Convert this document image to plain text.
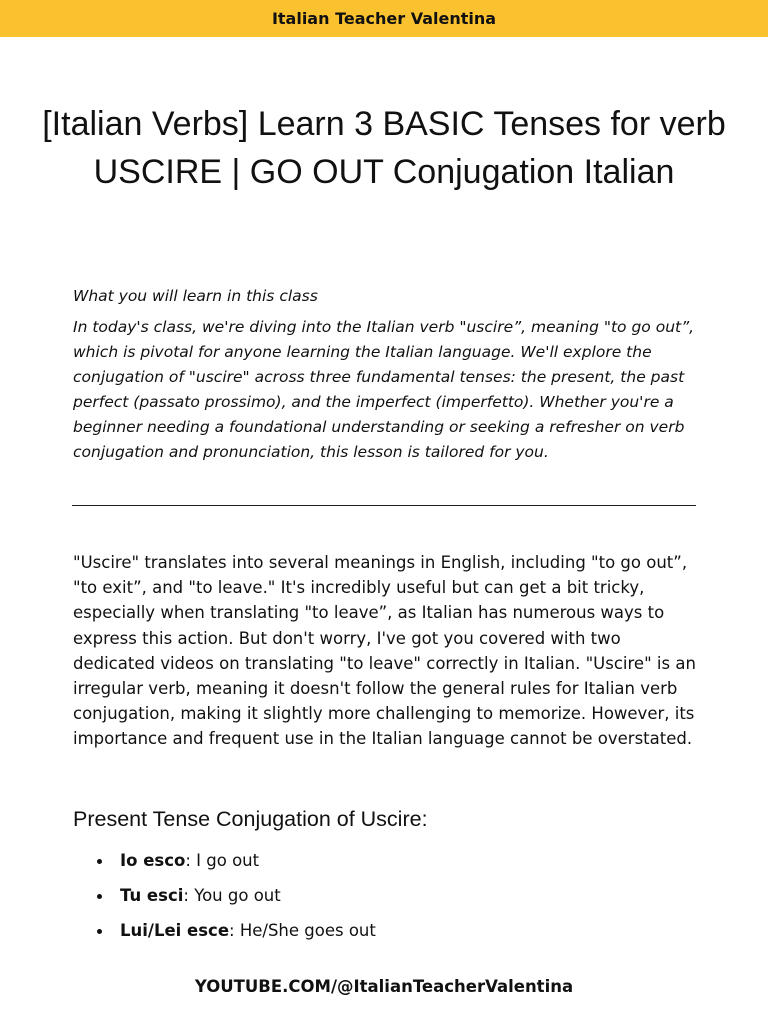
Italian Teacher Valentina
[Italian Verbs] Learn 3 BASIC Tenses for verb USCIRE | GO OUT Conjugation Italian

What you will learn in this class

In today's class, we're diving into the Italian verb "uscire”, meaning "to go out”, which is pivotal for anyone learning the Italian language. We'll explore the conjugation of "uscire" across three fundamental tenses: the present, the past perfect (passato prossimo), and the imperfect (imperfetto). Whether you're a beginner needing a foundational understanding or seeking a refresher on verb conjugation and pronunciation, this lesson is tailored for you.

"Uscire" translates into several meanings in English, including "to go out”, "to exit”, and "to leave." It's incredibly useful but can get a bit tricky, especially when translating "to leave”, as Italian has numerous ways to express this action. But don't worry, I've got you covered with two dedicated videos on translating "to leave" correctly in Italian. "Uscire" is an irregular verb, meaning it doesn't follow the general rules for Italian verb conjugation, making it slightly more challenging to memorize. However, its importance and frequent use in the Italian language cannot be overstated.

Present Tense Conjugation of Uscire:
Io esco: I go out
Tu esci: You go out
Lui/Lei esce: He/She goes out
YOUTUBE.COM/@ItalianTeacherValentina
